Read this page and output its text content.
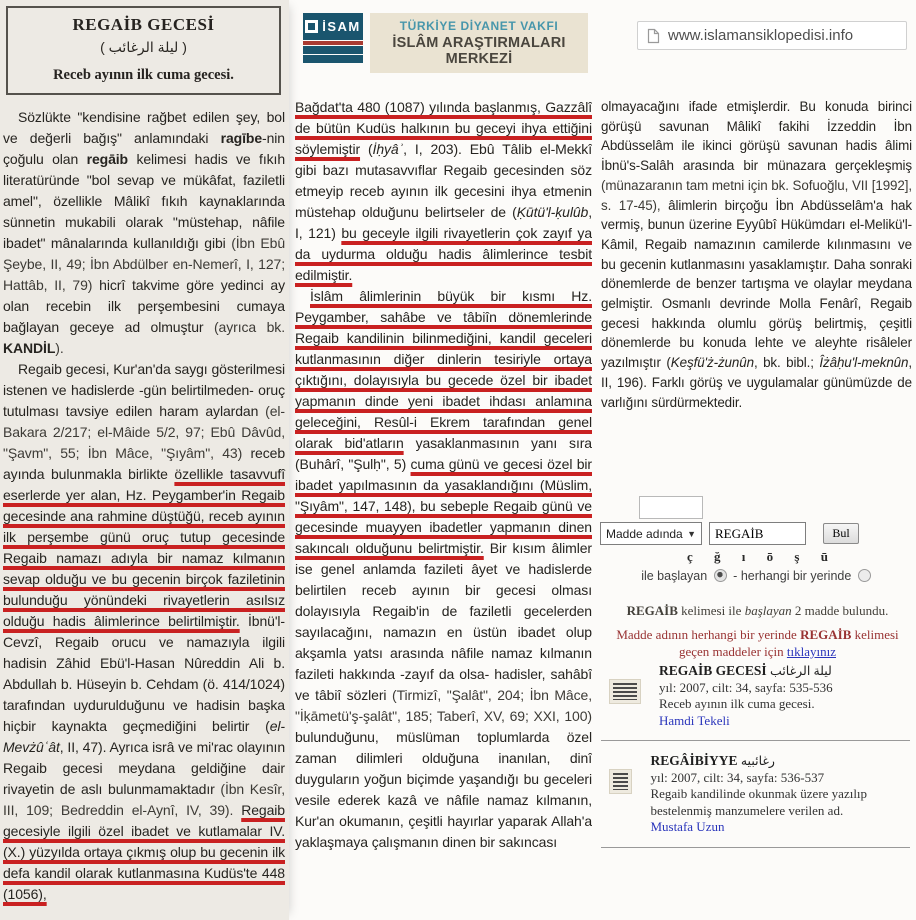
REGAİB GECESİ
( ليلة الرغائب )
Receb ayının ilk cuma gecesi.
Sözlükte "kendisine rağbet edilen şey, bol ve değerli bağış" anlamındaki ragībe-nin çoğulu olan regāib kelimesi hadis ve fıkıh literatüründe "bol sevap ve mükâfat, faziletli amel", özellikle Mâlikî fıkıh kaynaklarında sünnetin mukabili olarak "müstehap, nâfile ibadet" mânalarında kullanıldığı gibi (İbn Ebû Şeybe, II, 49; İbn Abdülber en-Nemerî, I, 127; Hattâb, II, 79) hicrî takvime göre yedinci ay olan recebin ilk perşembesini cumaya bağlayan geceye ad olmuştur (ayrıca bk. KANDİL).
Regaib gecesi, Kur'an'da saygı gösterilmesi istenen ve hadislerde -gün belirtilmeden- oruç tutulması tavsiye edilen haram aylardan (el-Bakara 2/217; el-Mâide 5/2, 97; Ebû Dâvûd, "Şavm", 55; İbn Mâce, "Şıyâm", 43) receb ayında bulunmakla birlikte özellikle tasavvufî eserlerde yer alan, Hz. Peygamber'in Regaib gecesinde ana rahmine düştüğü, receb ayının ilk perşembe günü oruç tutup gecesinde Regaib namazı adıyla bir namaz kılmanın sevap olduğu ve bu gecenin birçok faziletinin bulunduğu yönündeki rivayetlerin asılsız olduğu hadis âlimlerince belirtilmiştir. İbnü'l-Cevzî, Regaib orucu ve namazıyla ilgili hadisin Zâhid Ebü'l-Hasan Nûreddin Ali b. Abdullah b. Hüseyin b. Cehdam (ö. 414/1024) tarafından uydurulduğunu ve hadisin başka hiçbir kaynakta geçmediğini belirtir (el-Mevżûʿât, II, 47). Ayrıca isrâ ve mi'rac olayının Regaib gecesi meydana geldiğine dair rivayetin de aslı bulunmamaktadır (İbn Kesîr, III, 109; Bedreddin el-Aynî, IV, 39). Regaib gecesiyle ilgili özel ibadet ve kutlamalar IV. (X.) yüzyılda ortaya çıkmış olup bu gecenin ilk defa kandil olarak kutlanmasına Kudüs'te 448 (1056),
İSAM	TÜRKİYE DİYANET VAKFI
İSLÂM ARAŞTIRMALARI MERKEZİ
Bağdat'ta 480 (1087) yılında başlanmış, Gazzâlî de bütün Kudüs halkının bu geceyi ihya ettiğini söylemiştir (İḥyâʾ, I, 203). Ebû Tâlib el-Mekkî gibi bazı mutasavvıflar Regaib gecesinden söz etmeyip receb ayının ilk gecesini ihya etmenin müstehap olduğunu belirtseler de (Ḳūtü'l-ḳulûb, I, 121) bu geceyle ilgili rivayetlerin çok zayıf ya da uydurma olduğu hadis âlimlerince tesbit edilmiştir.
İslâm âlimlerinin büyük bir kısmı Hz. Peygamber, sahâbe ve tâbiîn dönemlerinde Regaib kandilinin bilinmediğini, kandil geceleri kutlanmasının diğer dinlerin tesiriyle ortaya çıktığını, dolayısıyla bu gecede özel bir ibadet yapmanın dinde yeni ibadet ihdası anlamına geleceğini, Resûl-i Ekrem tarafından genel olarak bid'atların yasaklanmasının yanı sıra (Buhârî, "Şulḥ", 5) cuma günü ve gecesi özel bir ibadet yapılmasının da yasaklandığını (Müslim, "Şıyâm", 147, 148), bu sebeple Regaib günü ve gecesinde muayyen ibadetler yapmanın dinen sakıncalı olduğunu belirtmiştir. Bir kısım âlimler ise genel anlamda fazileti âyet ve hadislerde belirtilen receb ayının bir gecesi olması dolayısıyla Regaib'in de faziletli gecelerden sayılacağını, namazın en üstün ibadet olup akşamla yatsı arasında nâfile namaz kılmanın fazileti hakkında -zayıf da olsa- hadisler, sahâbî ve tâbiî sözleri (Tirmizî, "Şalât", 204; İbn Mâce, "İḳāmetü'ş-şalât", 185; Taberî, XV, 69; XXI, 100) bulunduğunu, müslüman toplumlarda özel zaman dilimleri olduğuna inanılan, dinî duyguların yoğun biçimde yaşandığı bu geceleri vesile ederek kazâ ve nâfile namaz kılmanın, Kur'an okumanın, çeşitli hayırlar yaparak Allah'a yaklaşmaya çalışmanın dinen bir sakıncası
www.islamansiklopedisi.info
olmayacağını ifade etmişlerdir. Bu konuda birinci görüşü savunan Mâlikî fakihi İzzeddin İbn Abdüsselâm ile ikinci görüşü savunan hadis âlimi İbnü's-Salâh arasında bir münazara gerçekleşmiş (münazaranın tam metni için bk. Sofuoğlu, VII [1992], s. 17-45), âlimlerin birçoğu İbn Abdüsselâm'a hak vermiş, bunun üzerine Eyyûbî Hükümdarı el-Melikü'l-Kâmil, Regaib namazının camilerde kılınmasını ve bu gecenin kutlanmasını yasaklamıştır. Daha sonraki dönemlerde de benzer tartışma ve olaylar meydana gelmiştir. Osmanlı devrinde Molla Fenârî, Regaib gecesi hakkında olumlu görüş belirtmiş, çeşitli dönemlerde bu konuda lehte ve aleyhte risâleler yazılmıştır (Keşfü'ż-żunûn, bk. bibl.; Îżâḥu'l-meknûn, II, 196). Farklı görüş ve uygulamalar günümüzde de varlığını sürdürmektedir.
Madde adında ▼
REGAİB	Bul
ç ğ ı ō ş ū
ile başlayan - herhangi bir yerinde
REGAİB kelimesi ile başlayan 2 madde bulundu.
Madde adının herhangi bir yerinde REGAİB kelimesi geçen maddeler için tıklayınız
REGAİB GECESİ ليلة الرغائب
yıl: 2007, cilt: 34, sayfa: 535-536
Receb ayının ilk cuma gecesi.
Hamdi Tekeli
REGÂİBİYYE رغائبيه
yıl: 2007, cilt: 34, sayfa: 536-537
Regaib kandilinde okunmak üzere yazılıp bestelenmiş manzumelere verilen ad.
Mustafa Uzun
